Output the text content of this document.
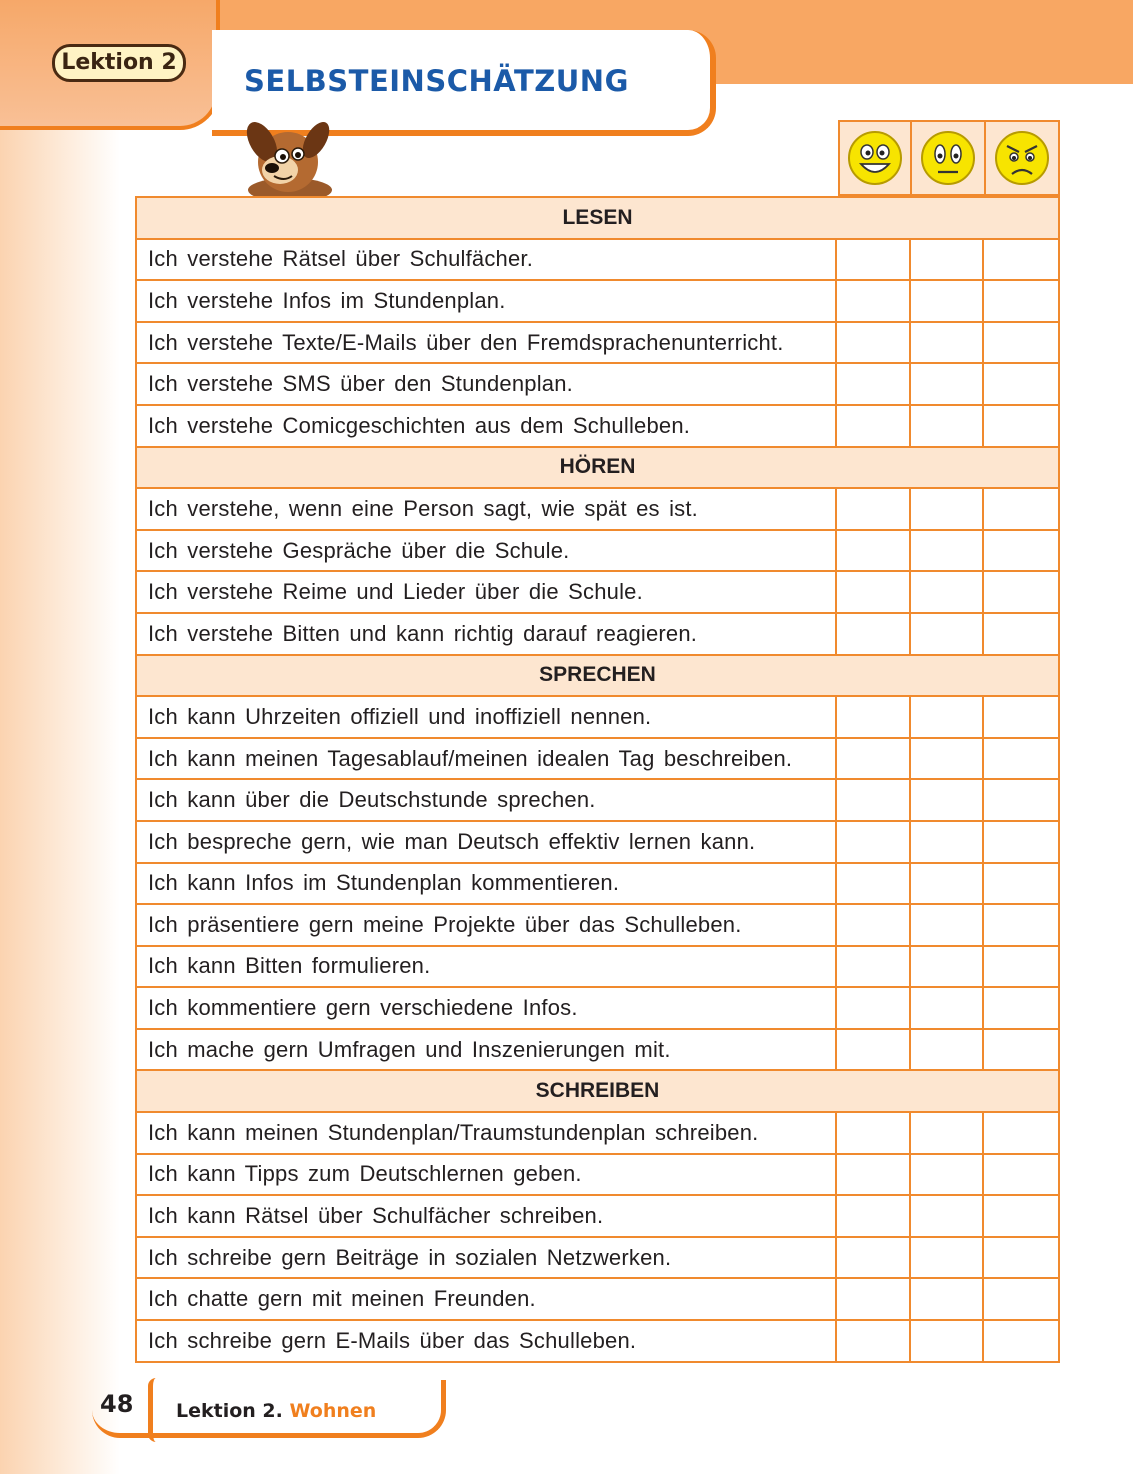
Lektion 2
SELBSTEINSCHÄTZUNG
LESEN
Ich verstehe Rätsel über Schulfächer.
Ich verstehe Infos im Stundenplan.
Ich verstehe Texte/E-Mails über den Fremdsprachenunterricht.
Ich verstehe SMS über den Stundenplan.
Ich verstehe Comicgeschichten aus dem Schulleben.
HÖREN
Ich verstehe, wenn eine Person sagt, wie spät es ist.
Ich verstehe Gespräche über die Schule.
Ich verstehe Reime und Lieder über die Schule.
Ich verstehe Bitten und kann richtig darauf reagieren.
SPRECHEN
Ich kann Uhrzeiten offiziell und inoffiziell nennen.
Ich kann meinen Tagesablauf/meinen idealen Tag beschreiben.
Ich kann über die Deutschstunde sprechen.
Ich bespreche gern, wie man Deutsch effektiv lernen kann.
Ich kann Infos im Stundenplan kommentieren.
Ich präsentiere gern meine Projekte über das Schulleben.
Ich kann Bitten formulieren.
Ich kommentiere gern verschiedene Infos.
Ich mache gern Umfragen und Inszenierungen mit.
SCHREIBEN
Ich kann meinen Stundenplan/Traumstundenplan schreiben.
Ich kann Tipps zum Deutschlernen geben.
Ich kann Rätsel über Schulfächer schreiben.
Ich schreibe gern Beiträge in sozialen Netzwerken.
Ich chatte gern mit meinen Freunden.
Ich schreibe gern E-Mails über das Schulleben.
48 Lektion 2. Wohnen
